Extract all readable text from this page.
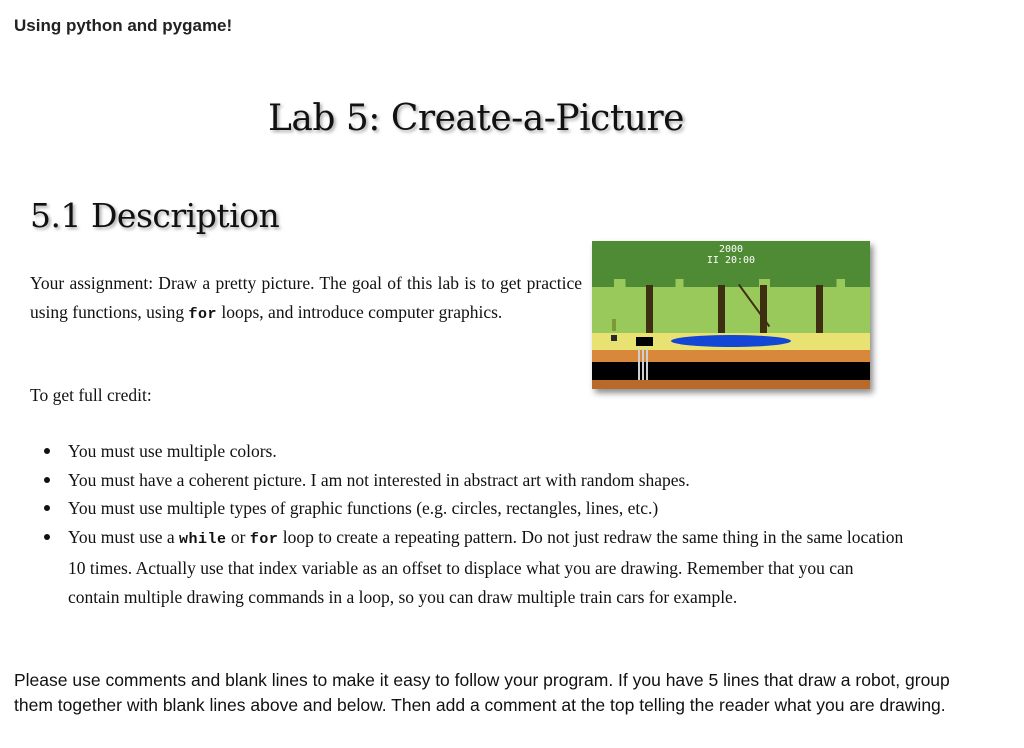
Using python and pygame!
Lab 5: Create-a-Picture
5.1 Description

Your assignment: Draw a pretty picture. The goal of this lab is to get practice using functions, using for loops, and introduce computer graphics.

2000
II 20:00

To get full credit:

You must use multiple colors.
You must have a coherent picture. I am not interested in abstract art with random shapes.
You must use multiple types of graphic functions (e.g. circles, rectangles, lines, etc.)
You must use a while or for loop to create a repeating pattern. Do not just redraw the same thing in the same location 10 times. Actually use that index variable as an offset to displace what you are drawing. Remember that you can contain multiple drawing commands in a loop, so you can draw multiple train cars for example.

Please use comments and blank lines to make it easy to follow your program. If you have 5 lines that draw a robot, group them together with blank lines above and below. Then add a comment at the top telling the reader what you are drawing.
